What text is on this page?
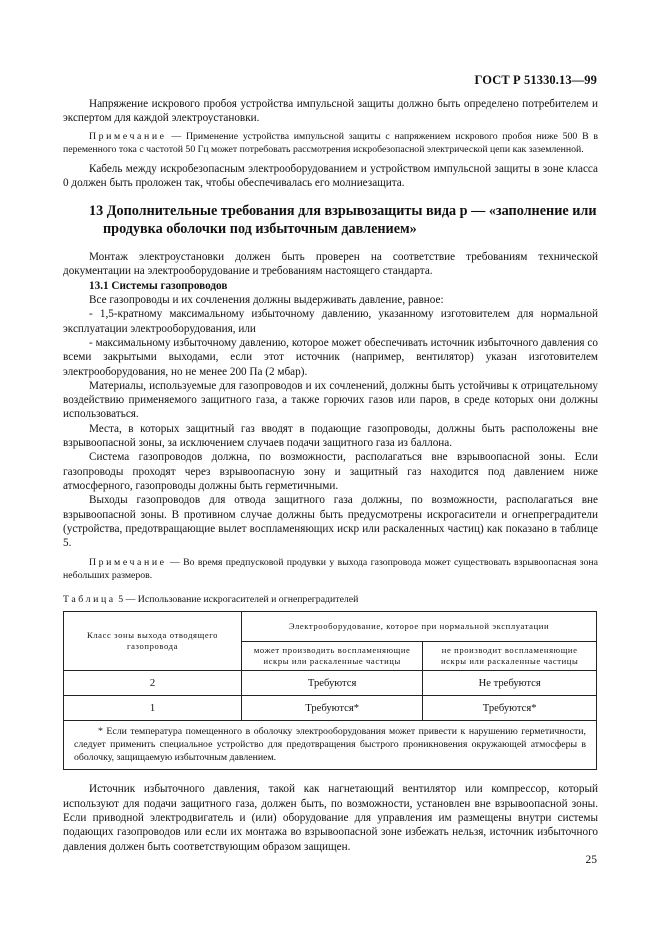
ГОСТ Р 51330.13—99

Напряжение искрового пробоя устройства импульсной защиты должно быть определено потребителем и экспертом для каждой электроустановки.

Примечание — Применение устройства импульсной защиты с напряжением искрового пробоя ниже 500 В в переменного тока с частотой 50 Гц может потребовать рассмотрения искробезопасной электрической цепи как заземленной.

Кабель между искробезопасным электрооборудованием и устройством импульсной защиты в зоне класса 0 должен быть проложен так, чтобы обеспечивалась его молниезащита.

13 Дополнительные требования для взрывозащиты вида p — «заполнение или
продувка оболочки под избыточным давлением»

Монтаж электроустановки должен быть проверен на соответствие требованиям технической документации на электрооборудование и требованиям настоящего стандарта.

13.1 Системы газопроводов

Все газопроводы и их сочленения должны выдерживать давление, равное:

- 1,5-кратному максимальному избыточному давлению, указанному изготовителем для нормальной эксплуатации электрооборудования, или

- максимальному избыточному давлению, которое может обеспечивать источник избыточного давления со всеми закрытыми выходами, если этот источник (например, вентилятор) указан изготовителем электрооборудования, но не менее 200 Па (2 мбар).

Материалы, используемые для газопроводов и их сочленений, должны быть устойчивы к отрицательному воздействию применяемого защитного газа, а также горючих газов или паров, в среде которых они должны использоваться.

Места, в которых защитный газ вводят в подающие газопроводы, должны быть расположены вне взрывоопасной зоны, за исключением случаев подачи защитного газа из баллона.

Система газопроводов должна, по возможности, располагаться вне взрывоопасной зоны. Если газопроводы проходят через взрывоопасную зону и защитный газ находится под давлением ниже атмосферного, газопроводы должны быть герметичными.

Выходы газопроводов для отвода защитного газа должны, по возможности, располагаться вне взрывоопасной зоны. В противном случае должны быть предусмотрены искрогасители и огнепреградители (устройства, предотвращающие вылет воспламеняющих искр или раскаленных частиц) как показано в таблице 5.

Примечание — Во время предпусковой продувки у выхода газопровода может существовать взрывоопасная зона небольших размеров.

Таблица 5 — Использование искрогасителей и огнепреградителей

Класс зоны выхода отводящего газопровода	Электрооборудование, которое при нормальной эксплуатации	
	может производить воспламеняющие искры или раскаленные частицы	не производит воспламеняющие искры или раскаленные частицы
2	Требуются	Не требуются
1	Требуются*	Требуются*

* Если температура помещенного в оболочку электрооборудования может привести к нарушению герметичности, следует применить специальное устройство для предотвращения быстрого проникновения окружающей атмосферы в оболочку, защищаемую избыточным давлением.		

Источник избыточного давления, такой как нагнетающий вентилятор или компрессор, который используют для подачи защитного газа, должен быть, по возможности, установлен вне взрывоопасной зоны. Если приводной электродвигатель и (или) оборудование для управления им размещены внутри системы подающих газопроводов или если их монтажа во взрывоопасной зоне избежать нельзя, источник избыточного давления должен быть соответствующим образом защищен.

25
